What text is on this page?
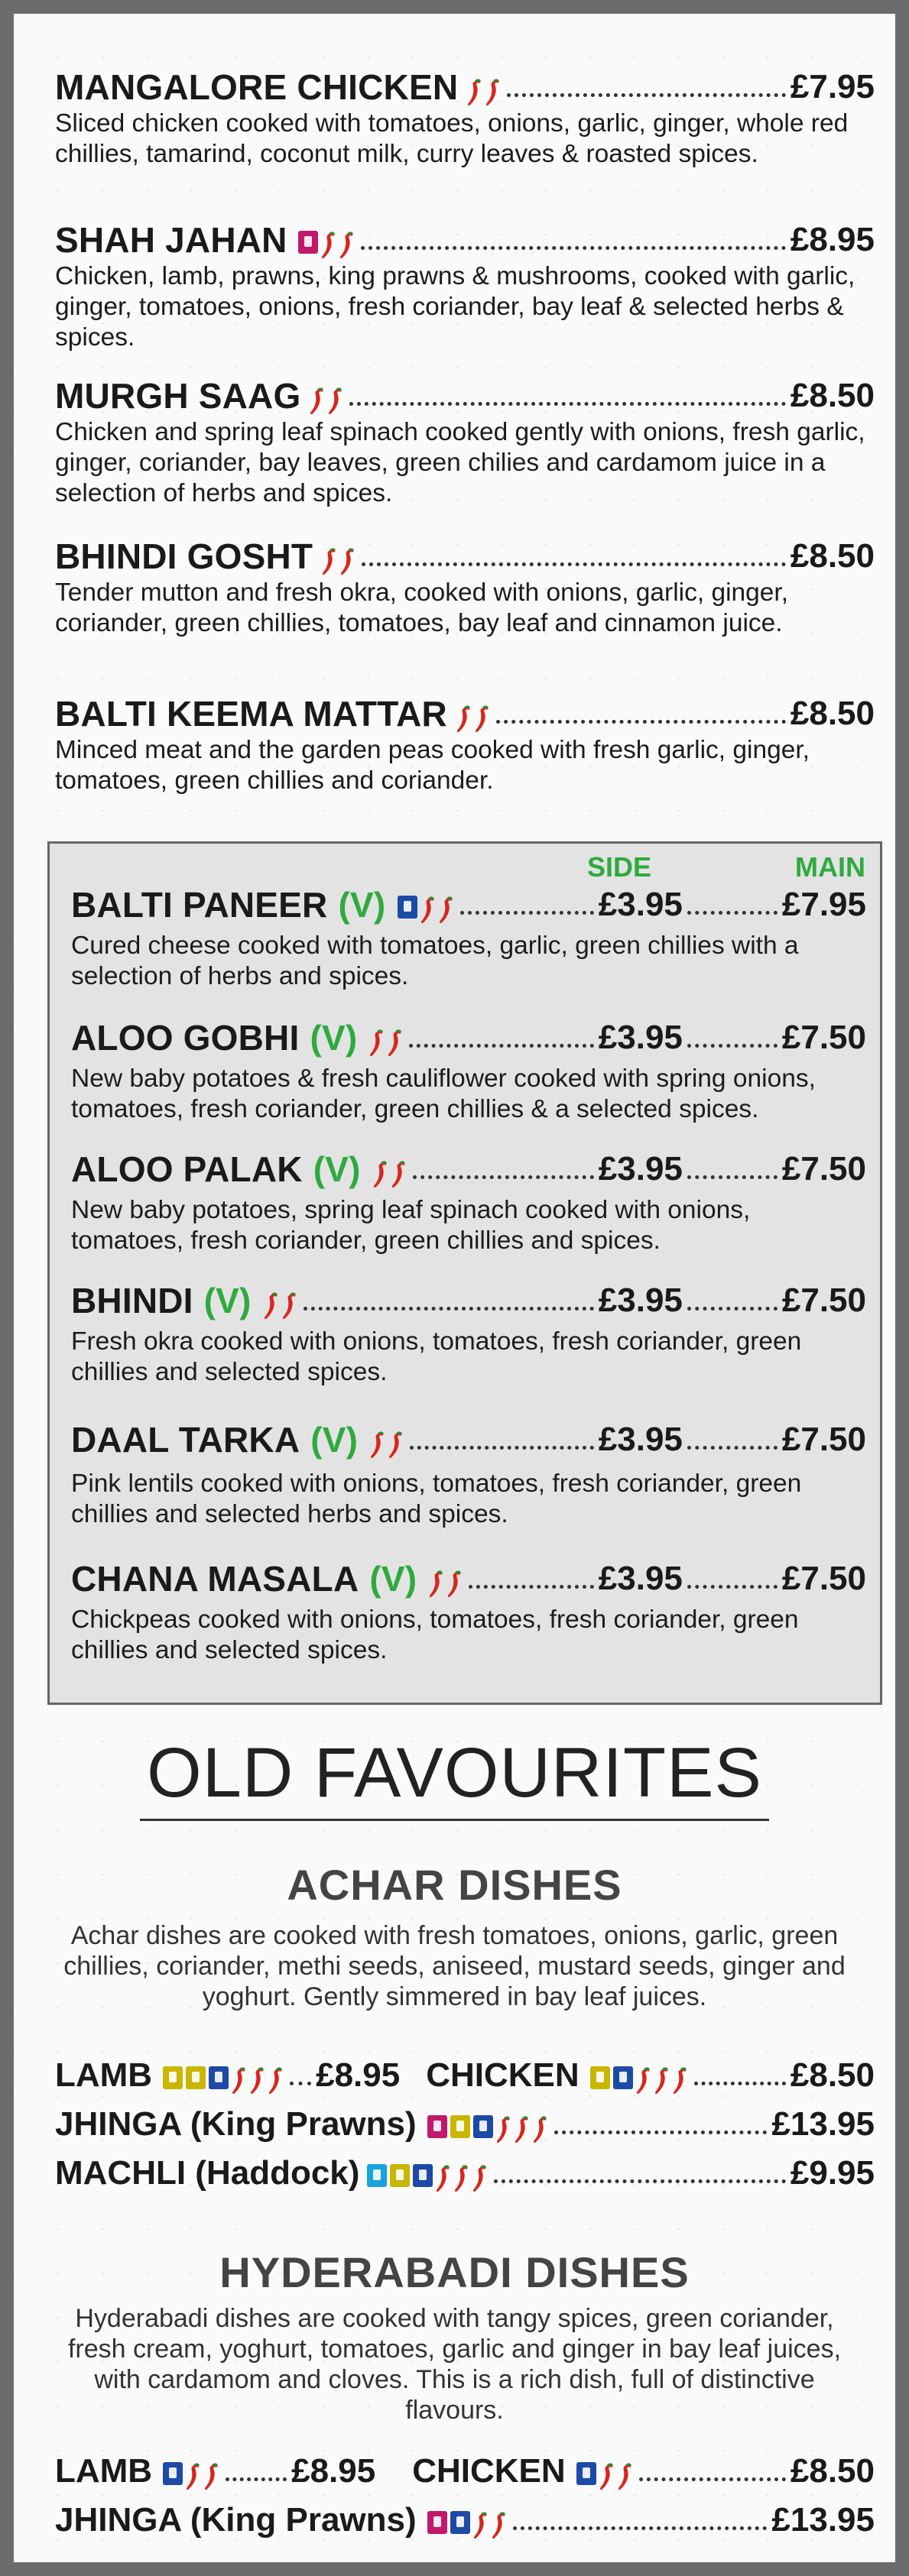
MANGALORE CHICKEN	£7.95
Sliced chicken cooked with tomatoes, onions, garlic, ginger, whole red chillies, tamarind, coconut milk, curry leaves & roasted spices.
SHAH JAHAN	£8.95
Chicken, lamb, prawns, king prawns & mushrooms, cooked with garlic, ginger, tomatoes, onions, fresh coriander, bay leaf & selected herbs & spices.
MURGH SAAG	£8.50
Chicken and spring leaf spinach cooked gently with onions, fresh garlic, ginger, coriander, bay leaves, green chilies and cardamom juice in a selection of herbs and spices.
BHINDI GOSHT	£8.50
Tender mutton and fresh okra, cooked with onions, garlic, ginger, coriander, green chillies, tomatoes, bay leaf and cinnamon juice.
BALTI KEEMA MATTAR	£8.50
Minced meat and the garden peas cooked with fresh garlic, ginger, tomatoes, green chillies and coriander.
SIDE	MAIN
BALTI PANEER (V)	£3.95	£7.95
Cured cheese cooked with tomatoes, garlic, green chillies with a selection of herbs and spices.
ALOO GOBHI (V)	£3.95	£7.50
New baby potatoes & fresh cauliflower cooked with spring onions, tomatoes, fresh coriander, green chillies & a selected spices.
ALOO PALAK (V)	£3.95	£7.50
New baby potatoes, spring leaf spinach cooked with onions, tomatoes, fresh coriander, green chillies and spices.
BHINDI (V)	£3.95	£7.50
Fresh okra cooked with onions, tomatoes, fresh coriander, green chillies and selected spices.
DAAL TARKA (V)	£3.95	£7.50
Pink lentils cooked with onions, tomatoes, fresh coriander, green chillies and selected herbs and spices.
CHANA MASALA (V)	£3.95	£7.50
Chickpeas cooked with onions, tomatoes, fresh coriander, green chillies and selected spices.
OLD FAVOURITES
ACHAR DISHES
Achar dishes are cooked with fresh tomatoes, onions, garlic, green chillies, coriander, methi seeds, aniseed, mustard seeds, ginger and yoghurt. Gently simmered in bay leaf juices.
LAMB	£8.95 CHICKEN	£8.50
JHINGA (King Prawns)	£13.95
MACHLI (Haddock)	£9.95
HYDERABADI DISHES
Hyderabadi dishes are cooked with tangy spices, green coriander, fresh cream, yoghurt, tomatoes, garlic and ginger in bay leaf juices, with cardamom and cloves. This is a rich dish, full of distinctive flavours.
LAMB	£8.95 CHICKEN	£8.50
JHINGA (King Prawns)	£13.95
